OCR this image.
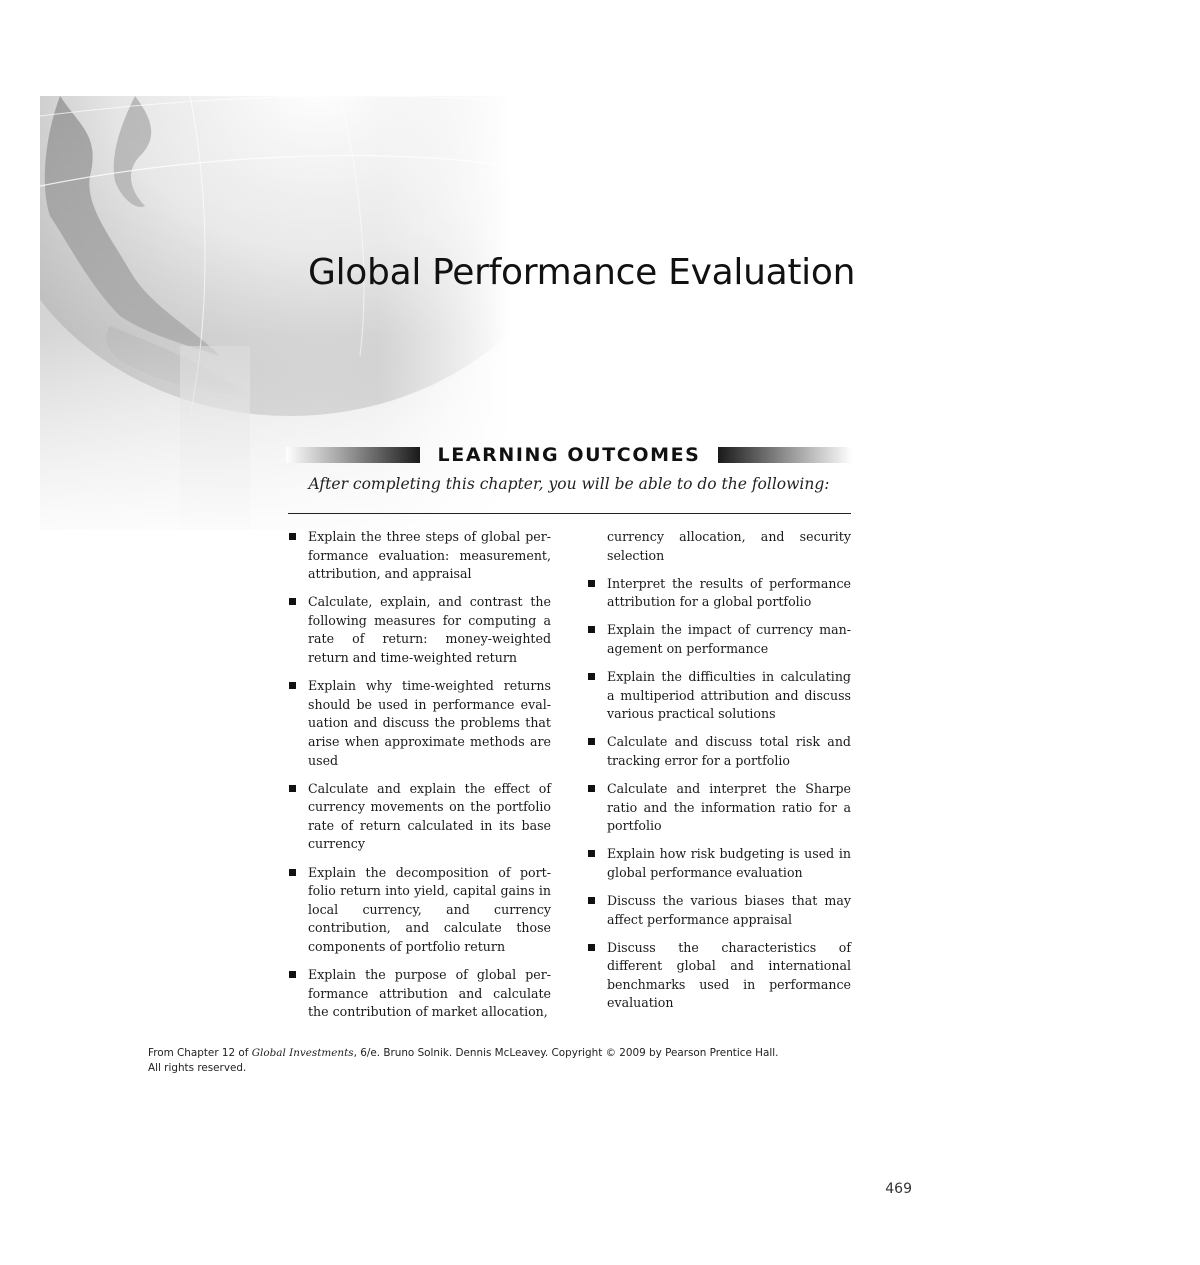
Global Performance Evaluation
LEARNING OUTCOMES
After completing this chapter, you will be able to do the following:
Explain the three steps of global performance evaluation: measurement, attribution, and appraisal
Calculate, explain, and contrast the following measures for computing a rate of return: money-weighted return and time-weighted return
Explain why time-weighted returns should be used in performance evaluation and discuss the problems that arise when approximate methods are used
Calculate and explain the effect of currency movements on the portfolio rate of return calculated in its base currency
Explain the decomposition of portfolio return into yield, capital gains in local currency, and currency contribution, and calculate those components of portfolio return
Explain the purpose of global performance attribution and calculate the contribution of market allocation,
currency allocation, and security selection
Interpret the results of performance attribution for a global portfolio
Explain the impact of currency management on performance
Explain the difficulties in calculating a multiperiod attribution and discuss various practical solutions
Calculate and discuss total risk and tracking error for a portfolio
Calculate and interpret the Sharpe ratio and the information ratio for a portfolio
Explain how risk budgeting is used in global performance evaluation
Discuss the various biases that may affect performance appraisal
Discuss the characteristics of different global and international benchmarks used in performance evaluation
From Chapter 12 of Global Investments, 6/e. Bruno Solnik. Dennis McLeavey. Copyright © 2009 by Pearson Prentice Hall.
All rights reserved.
469
